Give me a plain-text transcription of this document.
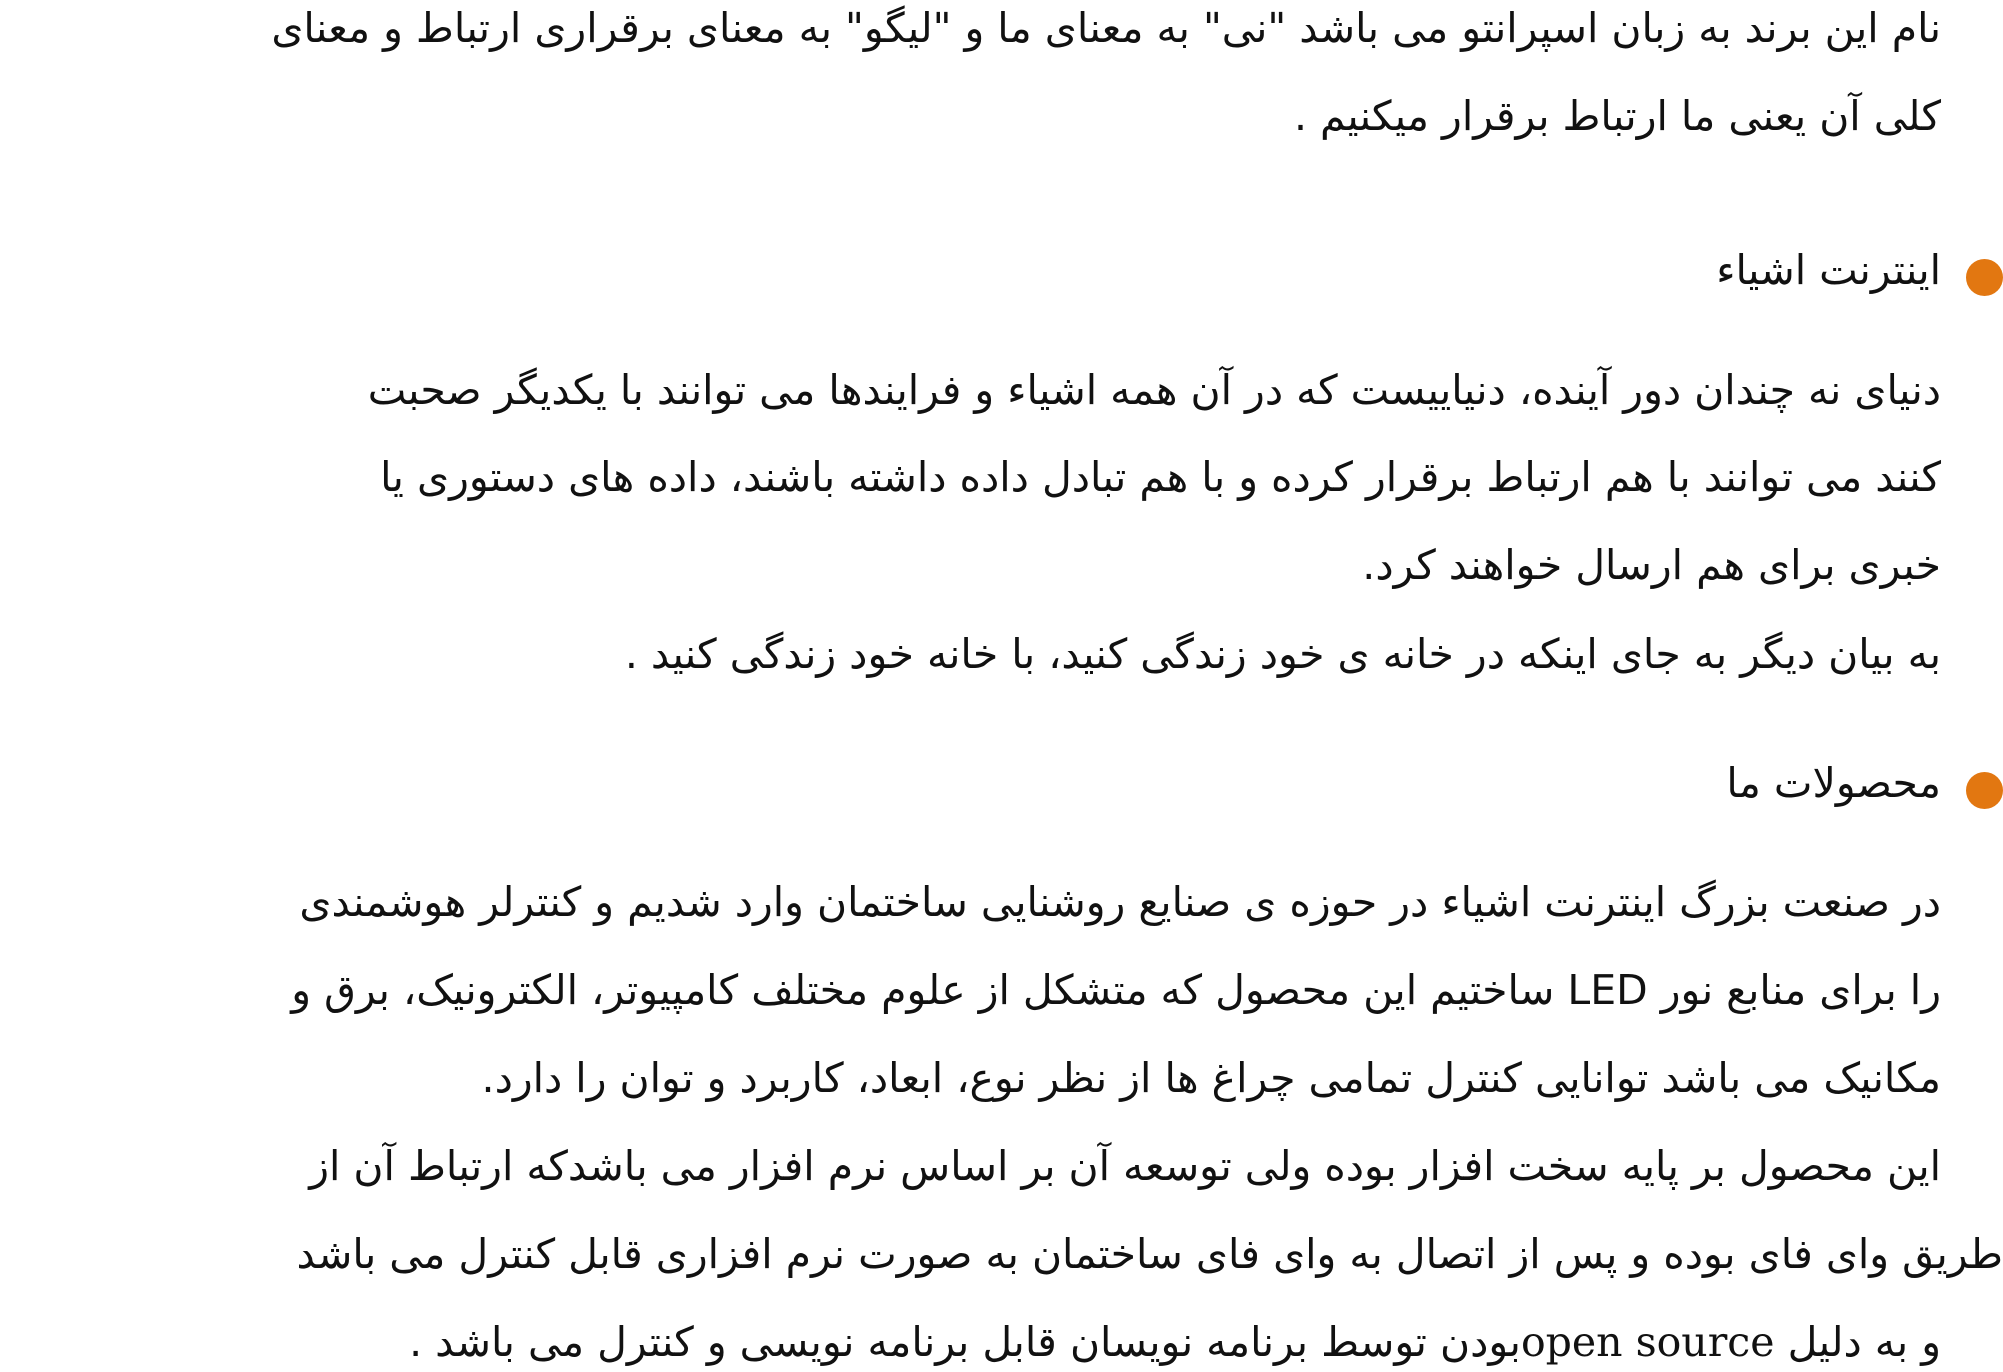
نام این برند به زبان اسپرانتو می باشد "نی" به معنای ما و "لیگو" به معنای برقراری ارتباط و معنای
کلی آن یعنی ما ارتباط برقرار میکنیم .
اینترنت اشیاء
دنیای نه چندان دور آینده، دنیاییست که در آن همه اشیاء و فرایندها می توانند با یکدیگر صحبت
کنند می توانند با هم ارتباط برقرار کرده و با هم تبادل داده داشته باشند، داده های دستوری یا
خبری برای هم ارسال خواهند کرد.
به بیان دیگر به جای اینکه در خانه ی خود زندگی کنید، با خانه خود زندگی کنید .
محصولات ما
در صنعت بزرگ اینترنت اشیاء در حوزه ی صنایع روشنایی ساختمان وارد شدیم و کنترلر هوشمندی
را برای منابع نور LED ساختیم این محصول که متشکل از علوم مختلف کامپیوتر، الکترونیک، برق و
مکانیک می باشد توانایی کنترل تمامی چراغ ها از نظر نوع، ابعاد، کاربرد و توان را دارد.
این محصول بر پایه سخت افزار بوده ولی توسعه آن بر اساس نرم افزار می باشدکه ارتباط آن از
طریق وای فای بوده و پس از اتصال به وای فای ساختمان به صورت نرم افزاری قابل کنترل می باشد
و به دلیل open sourceبودن توسط برنامه نویسان قابل برنامه نویسی و کنترل می باشد .
